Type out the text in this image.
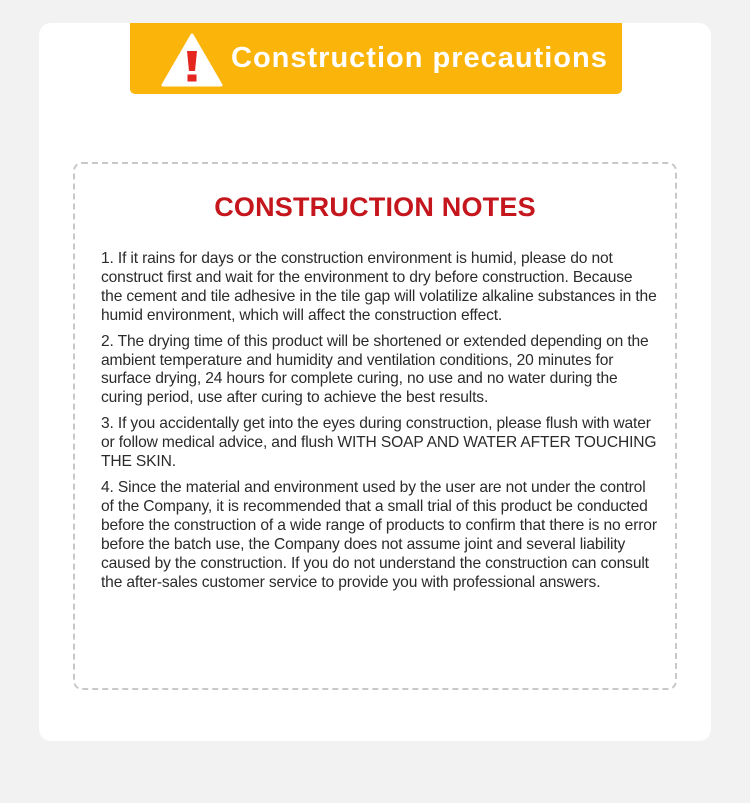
Construction precautions
CONSTRUCTION NOTES

1. If it rains for days or the construction environment is humid, please do not construct first and wait for the environment to dry before construction. Because the cement and tile adhesive in the tile gap will volatilize alkaline substances in the humid environment, which will affect the construction effect.

2. The drying time of this product will be shortened or extended depending on the ambient temperature and humidity and ventilation conditions, 20 minutes for surface drying, 24 hours for complete curing, no use and no water during the curing period, use after curing to achieve the best results.

3. If you accidentally get into the eyes during construction, please flush with water or follow medical advice, and flush WITH SOAP AND WATER AFTER TOUCHING THE SKIN.

4. Since the material and environment used by the user are not under the control of the Company, it is recommended that a small trial of this product be conducted before the construction of a wide range of products to confirm that there is no error before the batch use, the Company does not assume joint and several liability caused by the construction. If you do not understand the construction can consult the after-sales customer service to provide you with professional answers.
